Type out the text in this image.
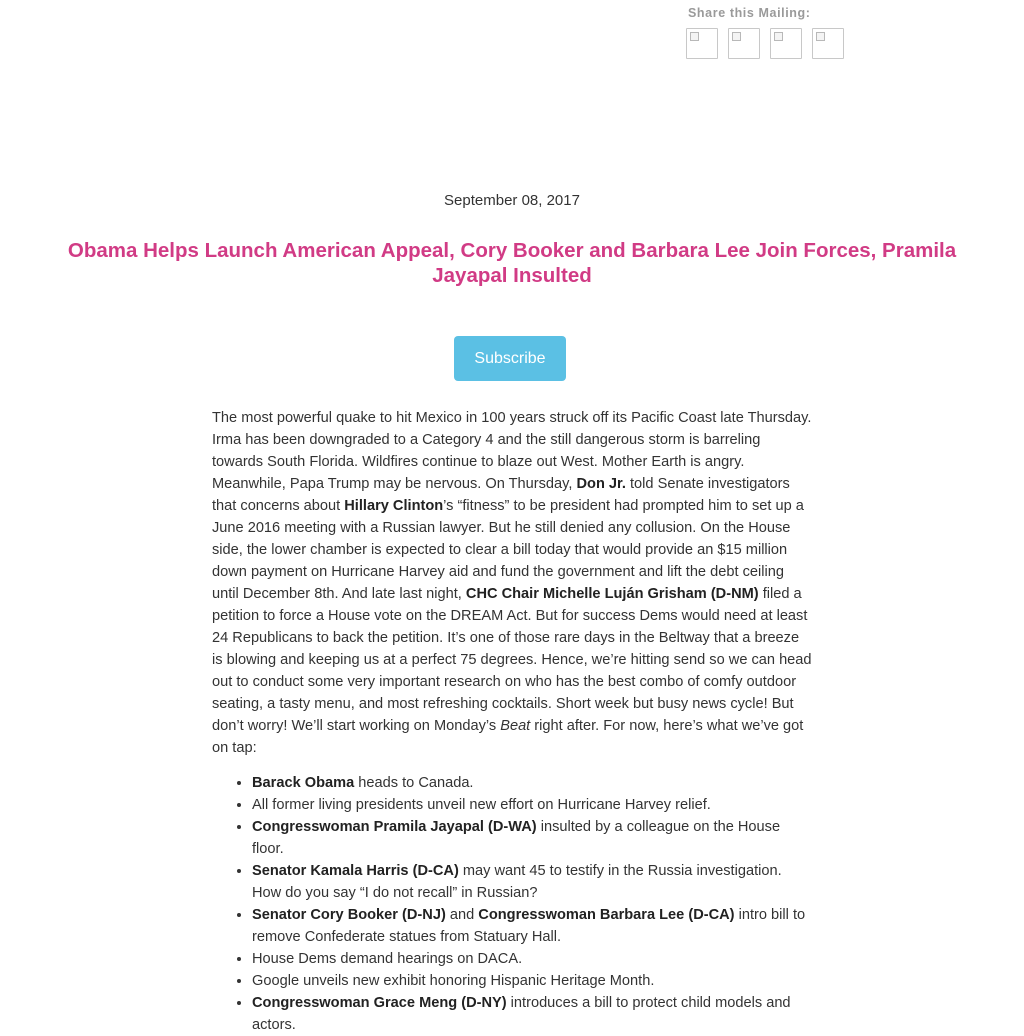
Share this Mailing:
September 08, 2017
Obama Helps Launch American Appeal, Cory Booker and Barbara Lee Join Forces, Pramila Jayapal Insulted
Subscribe

The most powerful quake to hit Mexico in 100 years struck off its Pacific Coast late Thursday. Irma has been downgraded to a Category 4 and the still dangerous storm is barreling towards South Florida. Wildfires continue to blaze out West. Mother Earth is angry. Meanwhile, Papa Trump may be nervous. On Thursday, Don Jr. told Senate investigators that concerns about Hillary Clinton’s “fitness” to be president had prompted him to set up a June 2016 meeting with a Russian lawyer. But he still denied any collusion. On the House side, the lower chamber is expected to clear a bill today that would provide an $15 million down payment on Hurricane Harvey aid and fund the government and lift the debt ceiling until December 8th. And late last night, CHC Chair Michelle Luján Grisham (D-NM) filed a petition to force a House vote on the DREAM Act. But for success Dems would need at least 24 Republicans to back the petition. It’s one of those rare days in the Beltway that a breeze is blowing and keeping us at a perfect 75 degrees. Hence, we’re hitting send so we can head out to conduct some very important research on who has the best combo of comfy outdoor seating, a tasty menu, and most refreshing cocktails. Short week but busy news cycle! But don’t worry! We’ll start working on Monday’s Beat right after. For now, here’s what we’ve got on tap:

• Barack Obama heads to Canada.
• All former living presidents unveil new effort on Hurricane Harvey relief.
• Congresswoman Pramila Jayapal (D-WA) insulted by a colleague on the House floor.
• Senator Kamala Harris (D-CA) may want 45 to testify in the Russia investigation. How do you say “I do not recall” in Russian?
• Senator Cory Booker (D-NJ) and Congresswoman Barbara Lee (D-CA) intro bill to remove Confederate statues from Statuary Hall.
• House Dems demand hearings on DACA.
• Google unveils new exhibit honoring Hispanic Heritage Month.
• Congresswoman Grace Meng (D-NY) introduces a bill to protect child models and actors.
